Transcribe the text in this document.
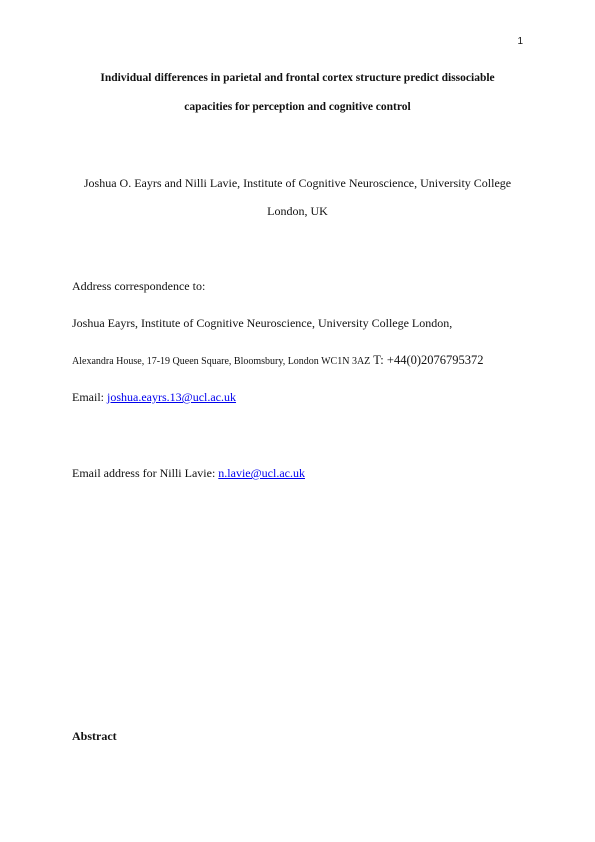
1
Individual differences in parietal and frontal cortex structure predict dissociable
capacities for perception and cognitive control
Joshua O. Eayrs and Nilli Lavie, Institute of Cognitive Neuroscience, University College
London, UK
Address correspondence to:
Joshua Eayrs, Institute of Cognitive Neuroscience, University College London,
Alexandra House, 17-19 Queen Square, Bloomsbury, London WC1N 3AZ T: +44(0)2076795372
Email: joshua.eayrs.13@ucl.ac.uk
Email address for Nilli Lavie: n.lavie@ucl.ac.uk
Abstract
